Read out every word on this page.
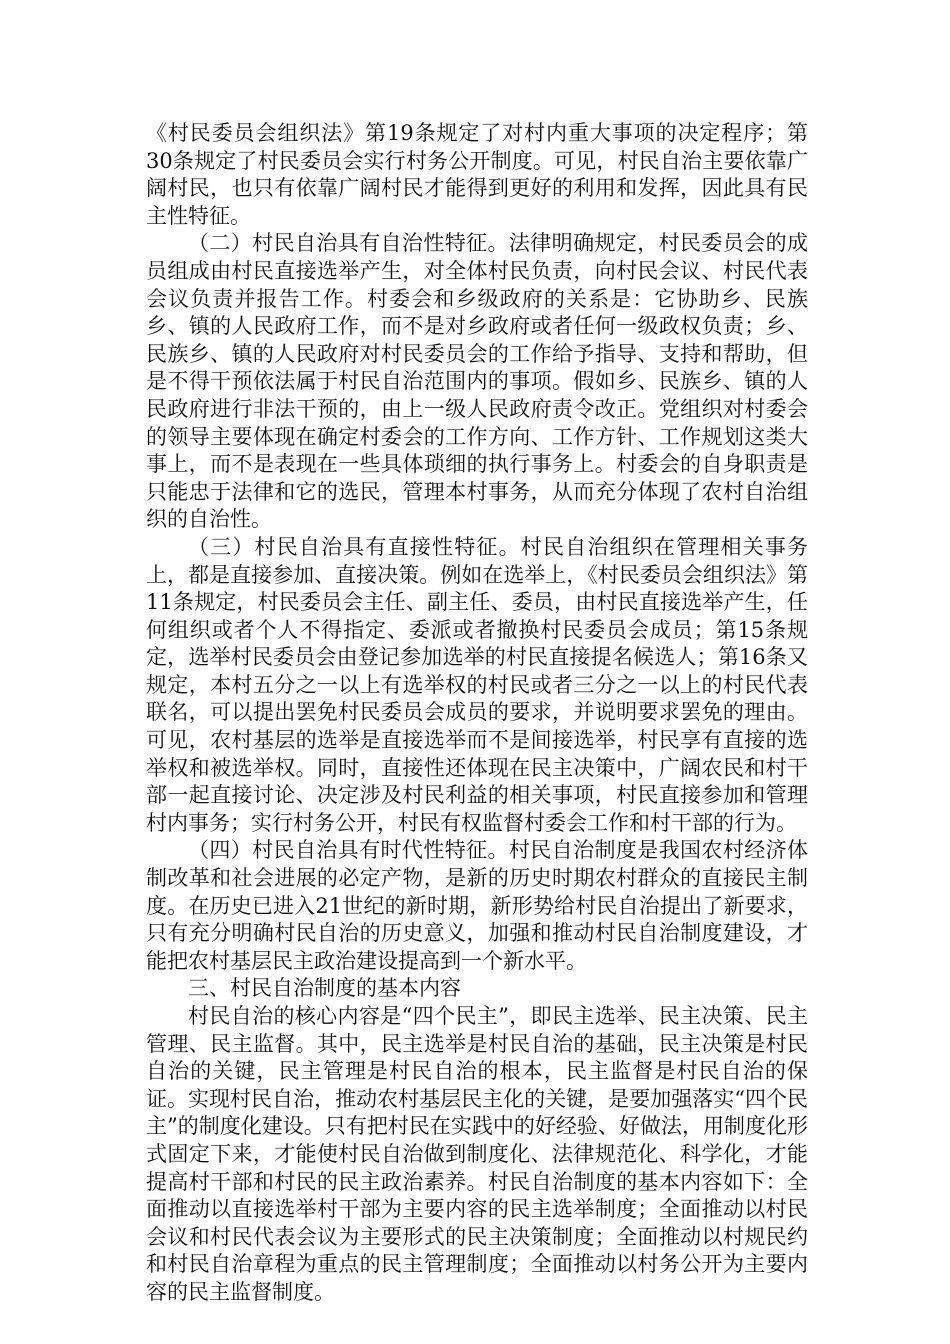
《村民委员会组织法》第19条规定了对村内重大事项的决定程序；第30条规定了村民委员会实行村务公开制度。可见，村民自治主要依靠广阔村民，也只有依靠广阔村民才能得到更好的利用和发挥，因此具有民主性特征。

（二）村民自治具有自治性特征。法律明确规定，村民委员会的成员组成由村民直接选举产生，对全体村民负责，向村民会议、村民代表会议负责并报告工作。村委会和乡级政府的关系是：它协助乡、民族乡、镇的人民政府工作，而不是对乡政府或者任何一级政权负责；乡、民族乡、镇的人民政府对村民委员会的工作给予指导、支持和帮助，但是不得干预依法属于村民自治范围内的事项。假如乡、民族乡、镇的人民政府进行非法干预的，由上一级人民政府责令改正。党组织对村委会的领导主要体现在确定村委会的工作方向、工作方针、工作规划这类大事上，而不是表现在一些具体琐细的执行事务上。村委会的自身职责是只能忠于法律和它的选民，管理本村事务，从而充分体现了农村自治组织的自治性。

（三）村民自治具有直接性特征。村民自治组织在管理相关事务上，都是直接参加、直接决策。例如在选举上，《村民委员会组织法》第11条规定，村民委员会主任、副主任、委员，由村民直接选举产生，任何组织或者个人不得指定、委派或者撤换村民委员会成员；第15条规定，选举村民委员会由登记参加选举的村民直接提名候选人；第16条又规定，本村五分之一以上有选举权的村民或者三分之一以上的村民代表联名，可以提出罢免村民委员会成员的要求，并说明要求罢免的理由。可见，农村基层的选举是直接选举而不是间接选举，村民享有直接的选举权和被选举权。同时，直接性还体现在民主决策中，广阔农民和村干部一起直接讨论、决定涉及村民利益的相关事项，村民直接参加和管理村内事务；实行村务公开，村民有权监督村委会工作和村干部的行为。

（四）村民自治具有时代性特征。村民自治制度是我国农村经济体制改革和社会进展的必定产物，是新的历史时期农村群众的直接民主制度。在历史已进入21世纪的新时期，新形势给村民自治提出了新要求，只有充分明确村民自治的历史意义，加强和推动村民自治制度建设，才能把农村基层民主政治建设提高到一个新水平。

三、村民自治制度的基本内容

村民自治的核心内容是“四个民主”，即民主选举、民主决策、民主管理、民主监督。其中，民主选举是村民自治的基础，民主决策是村民自治的关键，民主管理是村民自治的根本，民主监督是村民自治的保证。实现村民自治，推动农村基层民主化的关键，是要加强落实“四个民主”的制度化建设。只有把村民在实践中的好经验、好做法，用制度化形式固定下来，才能使村民自治做到制度化、法律规范化、科学化，才能提高村干部和村民的民主政治素养。村民自治制度的基本内容如下：全面推动以直接选举村干部为主要内容的民主选举制度；全面推动以村民会议和村民代表会议为主要形式的民主决策制度；全面推动以村规民约和村民自治章程为重点的民主管理制度；全面推动以村务公开为主要内容的民主监督制度。
